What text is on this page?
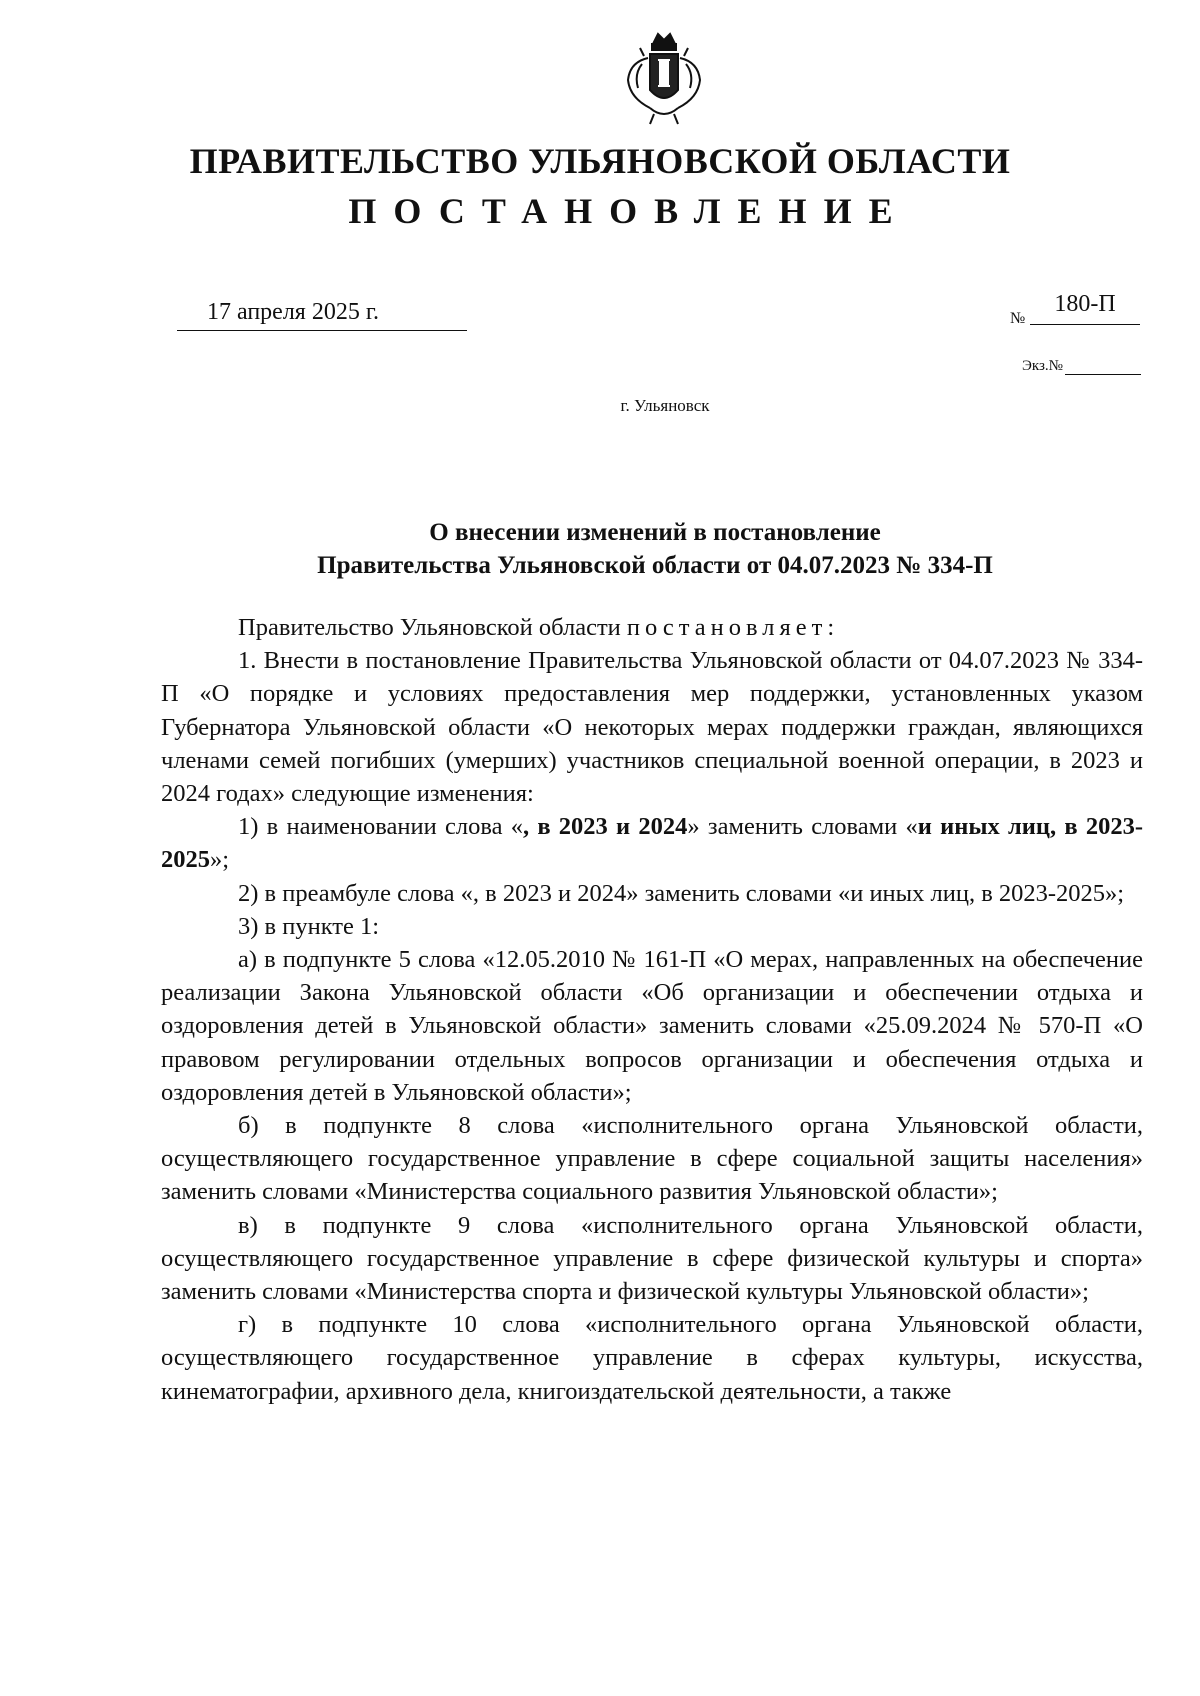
ПРАВИТЕЛЬСТВО УЛЬЯНОВСКОЙ ОБЛАСТИ
ПОСТАНОВЛЕНИЕ
17 апреля 2025 г.	№
180-П
Экз.№
г. Ульяновск
О внесении изменений в постановление
Правительства Ульяновской области от 04.07.2023 № 334-П

Правительство Ульяновской области постановляет:

1. Внести в постановление Правительства Ульяновской области от 04.07.2023 № 334-П «О порядке и условиях предоставления мер поддержки, установленных указом Губернатора Ульяновской области «О некоторых мерах поддержки граждан, являющихся членами семей погибших (умерших) участников специальной военной операции, в 2023 и 2024 годах» следующие изменения:

1) в наименовании слова «, в 2023 и 2024» заменить словами «и иных лиц, в 2023-2025»;

2) в преамбуле слова «, в 2023 и 2024» заменить словами «и иных лиц, в 2023-2025»;

3) в пункте 1:

а) в подпункте 5 слова «12.05.2010 № 161-П «О мерах, направленных на обеспечение реализации Закона Ульяновской области «Об организации и обеспечении отдыха и оздоровления детей в Ульяновской области» заменить словами «25.09.2024 № 570-П «О правовом регулировании отдельных вопросов организации и обеспечения отдыха и оздоровления детей в Ульяновской области»;

б) в подпункте 8 слова «исполнительного органа Ульяновской области, осуществляющего государственное управление в сфере социальной защиты населения» заменить словами «Министерства социального развития Ульяновской области»;

в) в подпункте 9 слова «исполнительного органа Ульяновской области, осуществляющего государственное управление в сфере физической культуры и спорта» заменить словами «Министерства спорта и физической культуры Ульяновской области»;

г) в подпункте 10 слова «исполнительного органа Ульяновской области, осуществляющего государственное управление в сферах культуры, искусства, кинематографии, архивного дела, книгоиздательской деятельности, а также
